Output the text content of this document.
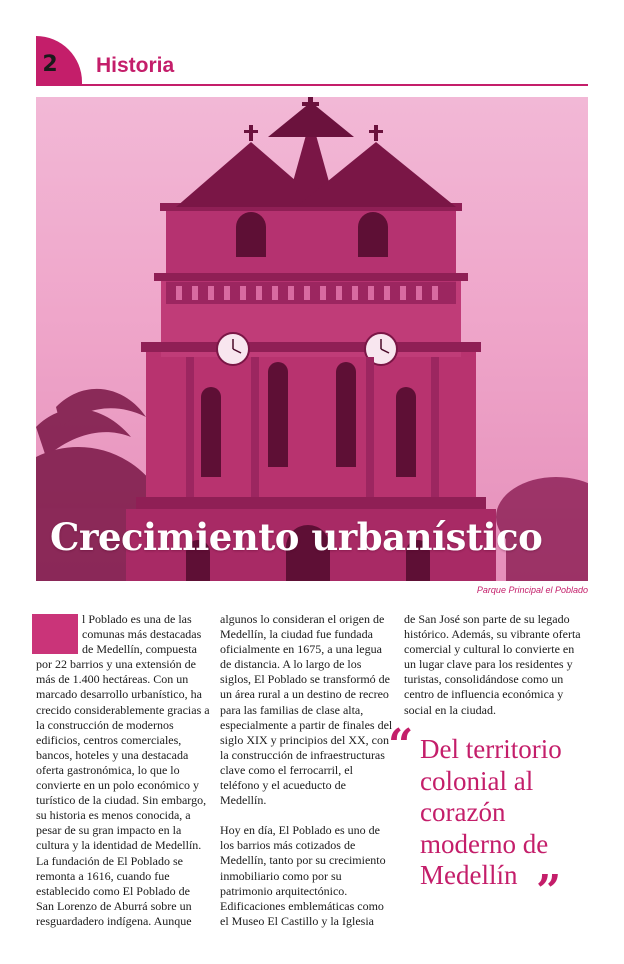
2 Historia
Crecimiento urbanístico
Parque Principal el Poblado

l Poblado es una de las comunas más destacadas de Medellín, compuesta por 22 barrios y una extensión de más de 1.400 hectáreas. Con un marcado desarrollo urbanístico, ha crecido considerablemente gracias a la construcción de modernos edificios, centros comerciales, bancos, hoteles y una destacada oferta gastronómica, lo que lo convierte en un polo económico y turístico de la ciudad. Sin embargo, su historia es menos conocida, a pesar de su gran impacto en la cultura y la identidad de Medellín. La fundación de El Poblado se remonta a 1616, cuando fue establecido como El Poblado de San Lorenzo de Aburrá sobre un resguardadero indígena. Aunque

algunos lo consideran el origen de Medellín, la ciudad fue fundada oficialmente en 1675, a una legua de distancia. A lo largo de los siglos, El Poblado se transformó de un área rural a un destino de recreo para las familias de clase alta, especialmente a partir de finales del siglo XIX y principios del XX, con la construcción de infraestructuras clave como el ferrocarril, el teléfono y el acueducto de Medellín.

Hoy en día, El Poblado es uno de los barrios más cotizados de Medellín, tanto por su crecimiento inmobiliario como por su patrimonio arquitectónico. Edificaciones emblemáticas como el Museo El Castillo y la Iglesia

de San José son parte de su legado histórico. Además, su vibrante oferta comercial y cultural lo convierte en un lugar clave para los residentes y turistas, consolidándose como un centro de influencia económica y social en la ciudad.

“ Del territorio colonial al corazón moderno de Medellín ”
